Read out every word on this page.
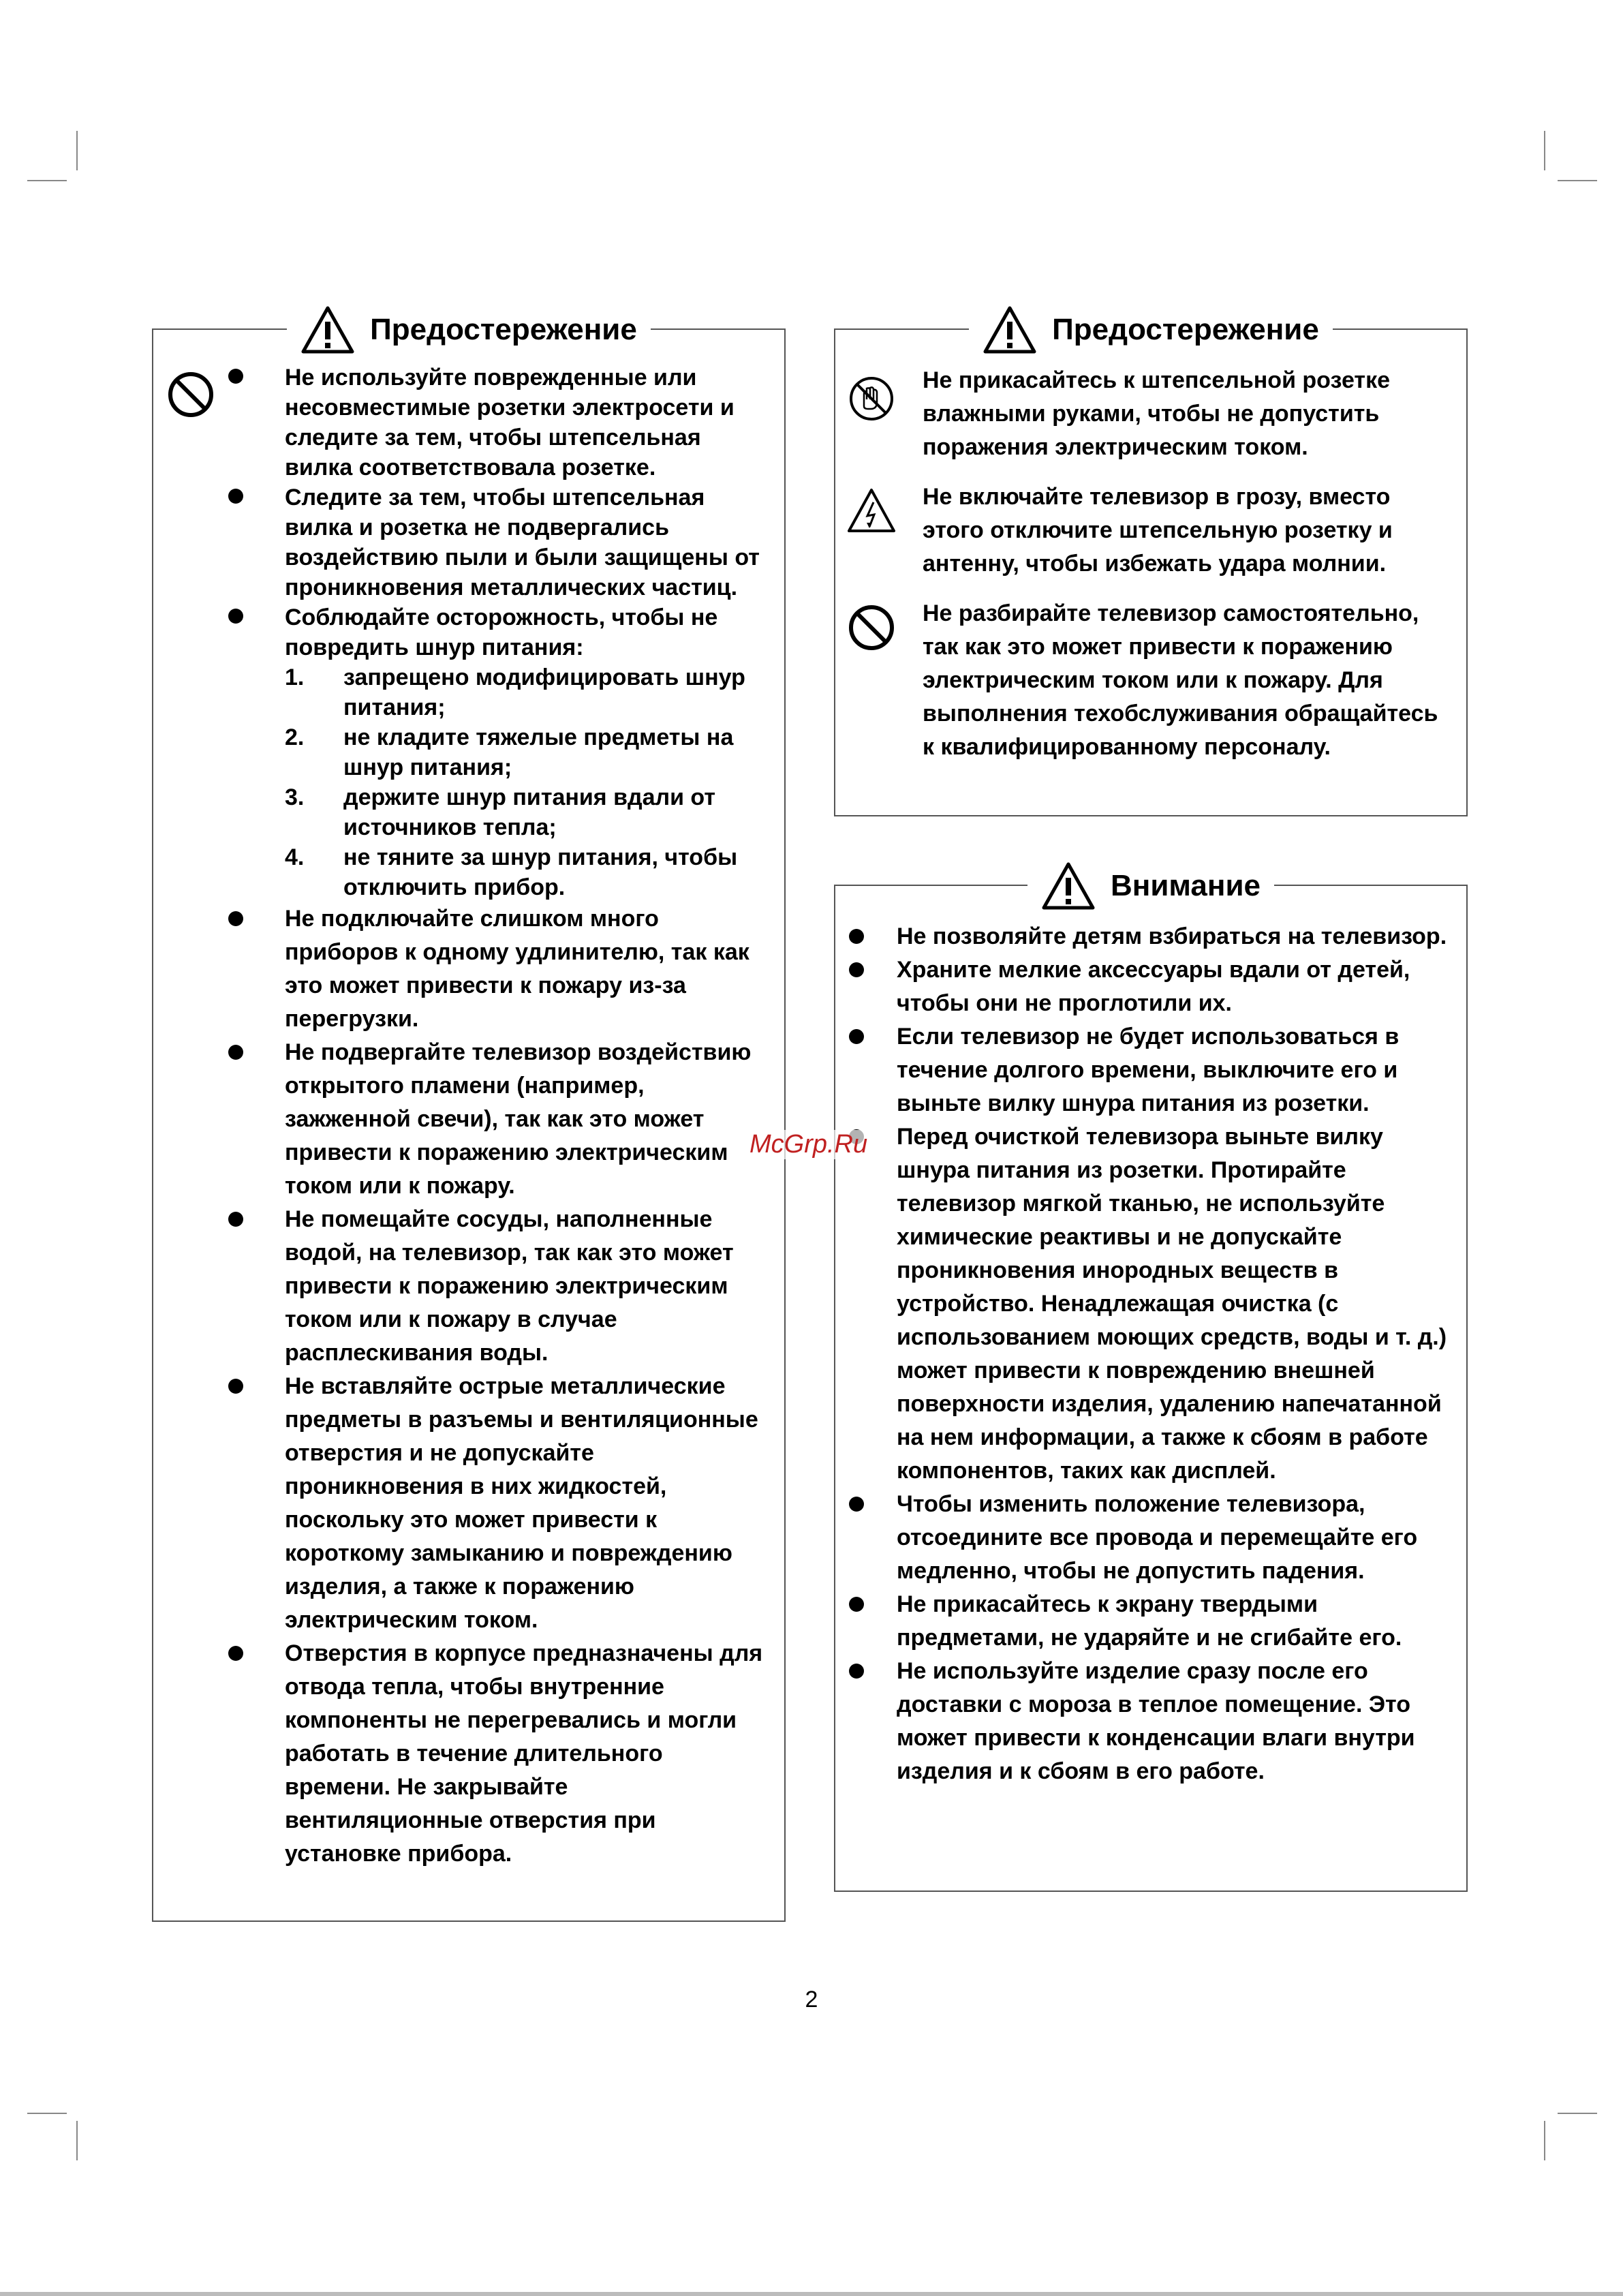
Предостережение
Не используйте поврежденные или несовместимые розетки электросети и следите за тем, чтобы штепсельная вилка соответствовала розетке.
Следите за тем, чтобы штепсельная вилка и розетка не подвергались воздействию пыли и были защищены от проникновения металлических частиц.
Соблюдайте осторожность, чтобы не повредить шнур питания:
1. запрещено модифицировать шнур питания;
2. не кладите тяжелые предметы на шнур питания;
3. держите шнур питания вдали от источников тепла;
4. не тяните за шнур питания, чтобы отключить прибор.
Не подключайте слишком много приборов к одному удлинителю, так как это может привести к пожару из-за перегрузки.
Не подвергайте телевизор воздействию открытого пламени (например, зажженной свечи), так как это может привести к поражению электрическим током или к пожару.
Не помещайте сосуды, наполненные водой, на телевизор, так как это может привести к поражению электрическим током или к пожару в случае расплескивания воды.
Не вставляйте острые металлические предметы в разъемы и вентиляционные отверстия и не допускайте проникновения в них жидкостей, поскольку это может привести к короткому замыканию и повреждению изделия, а также к поражению электрическим током.
Отверстия в корпусе предназначены для отвода тепла, чтобы внутренние компоненты не перегревались и могли работать в течение длительного времени. Не закрывайте вентиляционные отверстия при установке прибора.
Предостережение
Не прикасайтесь к штепсельной розетке влажными руками, чтобы не допустить поражения электрическим током.
Не включайте телевизор в грозу, вместо этого отключите штепсельную розетку и антенну, чтобы избежать удара молнии.
Не разбирайте телевизор самостоятельно, так как это может привести к поражению электрическим током или к пожару. Для выполнения техобслуживания обращайтесь к квалифицированному персоналу.
Внимание
Не позволяйте детям взбираться на телевизор.
Храните мелкие аксессуары вдали от детей, чтобы они не проглотили их.
Если телевизор не будет использоваться в течение долгого времени, выключите его и выньте вилку шнура питания из розетки.
Перед очисткой телевизора выньте вилку шнура питания из розетки. Протирайте телевизор мягкой тканью, не используйте химические реактивы и не допускайте проникновения инородных веществ в устройство. Ненадлежащая очистка (с использованием моющих средств, воды и т. д.) может привести к повреждению внешней поверхности изделия, удалению напечатанной на нем информации, а также к сбоям в работе компонентов, таких как дисплей.
Чтобы изменить положение телевизора, отсоедините все провода и перемещайте его медленно, чтобы не допустить падения.
Не прикасайтесь к экрану твердыми предметами, не ударяйте и не сгибайте его.
Не используйте изделие сразу после его доставки с мороза в теплое помещение. Это может привести к конденсации влаги внутри изделия и к сбоям в его работе.
McGrp.Ru
2
